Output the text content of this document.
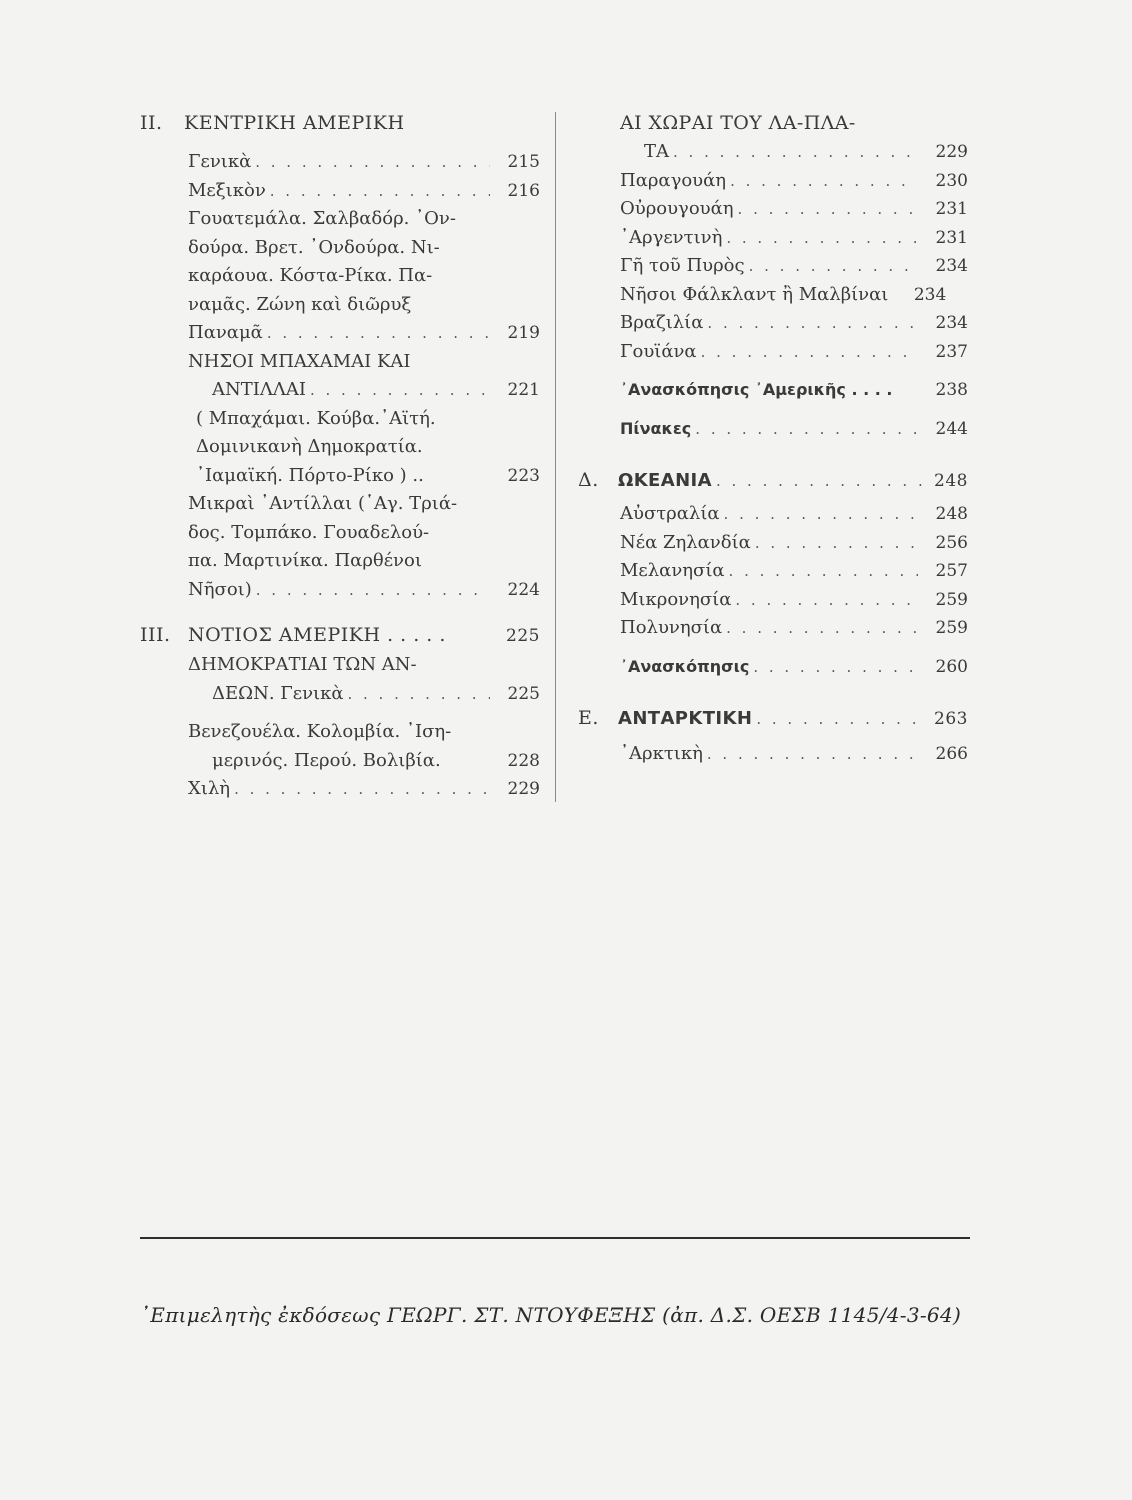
II.	ΚΕΝΤΡΙΚΗ ΑΜΕΡΙΚΗ
Γενικὰ . . .	215
Μεξικὸν . . .	216
Γουατεμάλα. Σαλβαδόρ. ᾿Ον-
δούρα. Βρετ. ᾿Ονδούρα. Νι-
καράουα. Κόστα-Ρίκα. Πα-
ναμᾶς. Ζώνη καὶ διῶρυξ
Παναμᾶ . . .	219
ΝΗΣΟΙ ΜΠΑΧΑΜΑΙ ΚΑΙ
ΑΝΤΙΛΛΑΙ . . .	221
( Μπαχάμαι. Κούβα.᾿Αϊτή.
Δομινικανὴ Δημοκρατία.
᾿Ιαμαϊκή. Πόρτο-Ρίκο ) ..	223
Μικραὶ ᾿Αντίλλαι (῾Αγ. Τριά-
δος. Τομπάκο. Γουαδελού-
πα. Μαρτινίκα. Παρθένοι
Νῆσοι) . . .	224
III. ΝΟΤΙΟΣ ΑΜΕΡΙΚΗ . . . . .	225
ΔΗΜΟΚΡΑΤΙΑΙ ΤΩΝ ΑΝ-
ΔΕΩΝ. Γενικὰ . . .	225
Βενεζουέλα. Κολομβία. ᾿Ιση-
μερινός. Περού. Βολιβία.	228
Χιλὴ . . .	229
ΑΙ ΧΩΡΑΙ ΤΟΥ ΛΑ-ΠΛΑ-
ΤΑ . . .	229
Παραγουάη . . .	230
Οὐρουγουάη . . .	231
᾿Αργεντινὴ . . .	231
Γῆ τοῦ Πυρὸς . . .	234
Νῆσοι Φάλκλαντ ἢ Μαλβίναι	234
Βραζιλία . . .	234
Γουϊάνα . . .	237
᾿Ανασκόπησις ᾿Αμερικῆς . . . .	238
Πίνακες . . .	244
Δ.	ΩΚΕΑΝΙΑ . . .	248
Αὐστραλία . . .	248
Νέα Ζηλανδία . . .	256
Μελανησία . . .	257
Μικρονησία . . .	259
Πολυνησία . . .	259
᾿Ανασκόπησις . . .	260
Ε.	ΑΝΤΑΡΚΤΙΚΗ . . .	263
᾿Αρκτικὴ . . .	266
᾿Επιμελητὴς ἐκδόσεως ΓΕΩΡΓ. ΣΤ. ΝΤΟΥΦΕΞΗΣ (ἀπ. Δ.Σ. ΟΕΣΒ 1145/4-3-64)
